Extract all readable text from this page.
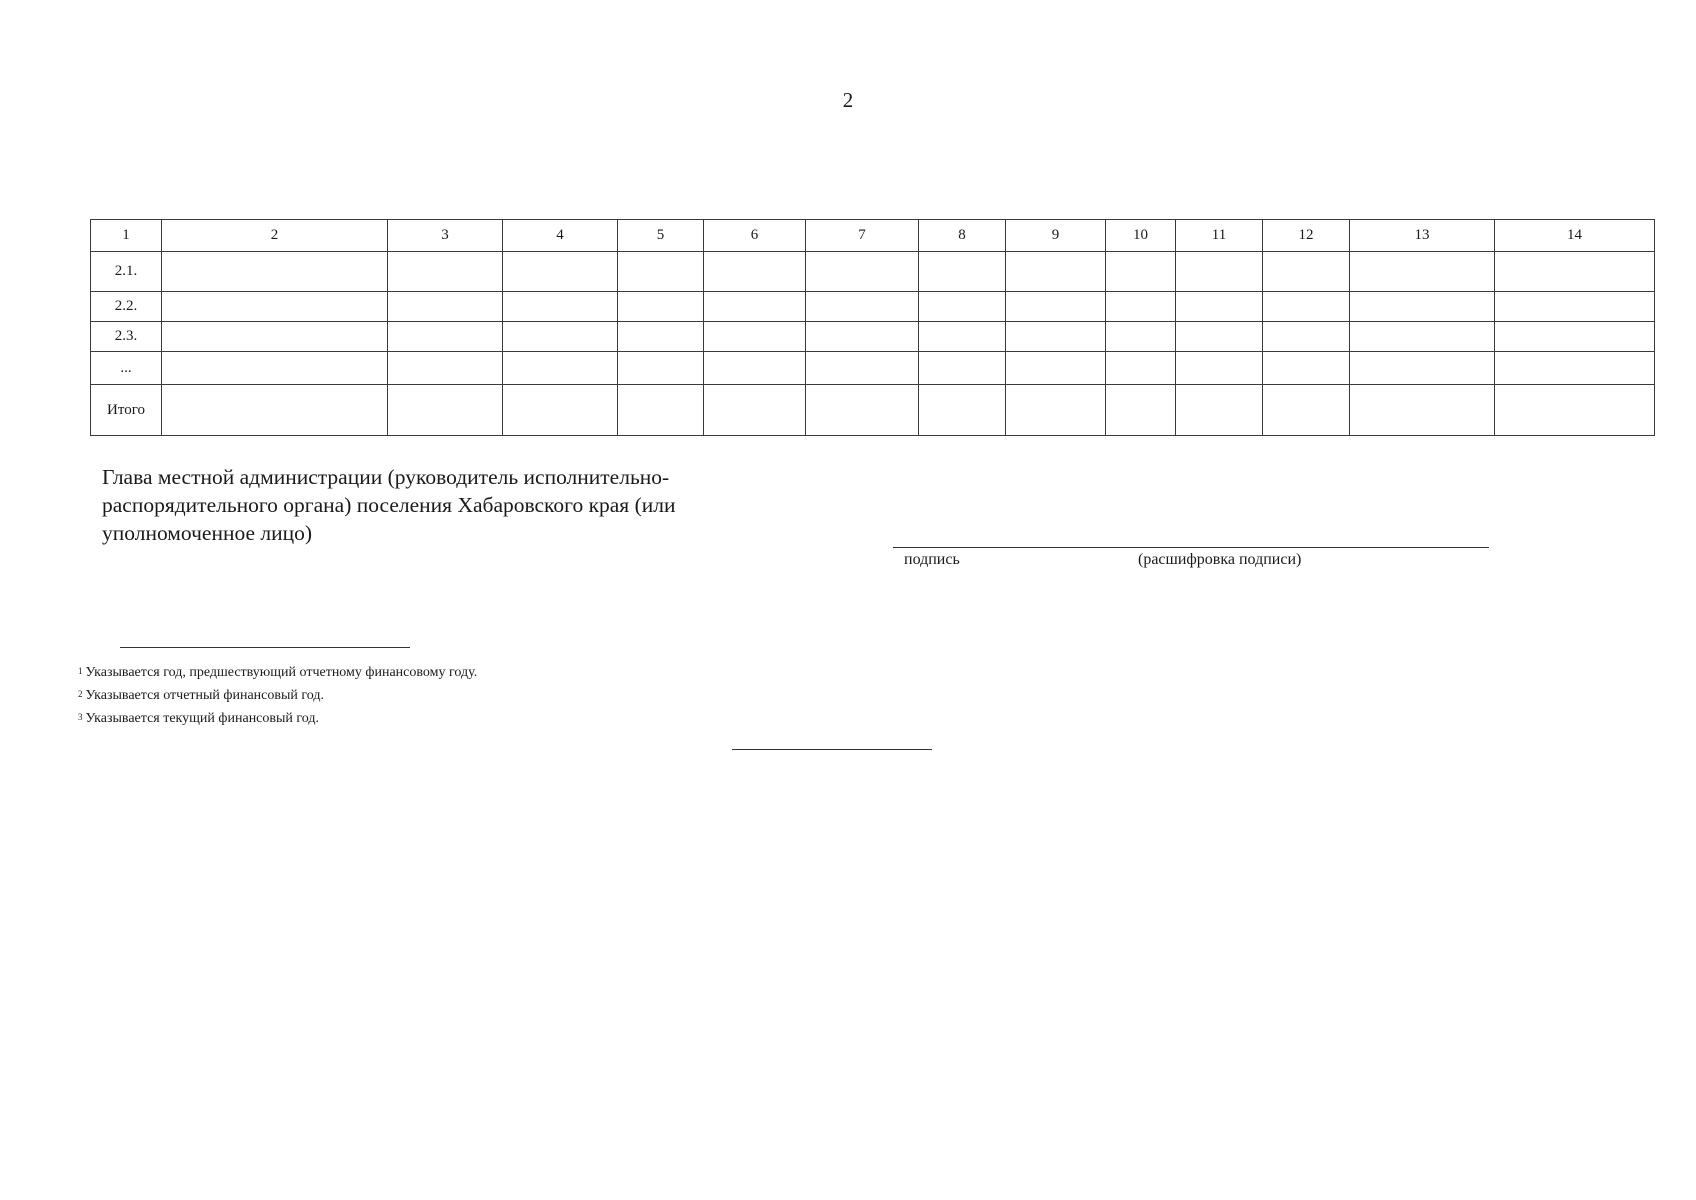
2
1	2	3	4	5	6	7	8	9	10	11	12	13	14
2.1.													
2.2.													
2.3.													
...													
Итого													
Глава местной администрации (руководитель исполнительно-распорядительного органа) поселения Хабаровского края (или уполномоченное лицо)
подпись	(расшифровка подписи)
$^1$ Указывается год, предшествующий отчетному финансовому году.
$^2$ Указывается отчетный финансовый год.
$^3$ Указывается текущий финансовый год.
